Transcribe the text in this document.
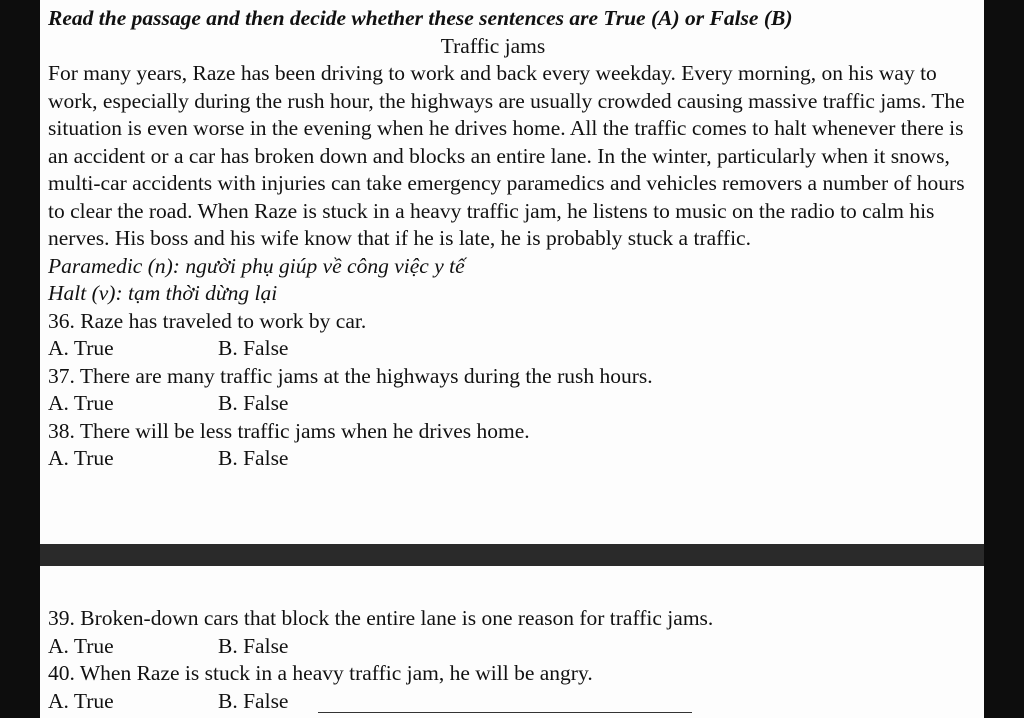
Read the passage and then decide whether these sentences are True (A) or False (B)

Traffic jams

For many years, Raze has been driving to work and back every weekday. Every morning, on his way to work, especially during the rush hour, the highways are usually crowded causing massive traffic jams. The situation is even worse in the evening when he drives home. All the traffic comes to halt whenever there is an accident or a car has broken down and blocks an entire lane. In the winter, particularly when it snows, multi-car accidents with injuries can take emergency paramedics and vehicles removers a number of hours to clear the road. When Raze is stuck in a heavy traffic jam, he listens to music on the radio to calm his nerves. His boss and his wife know that if he is late, he is probably stuck a traffic.

Paramedic (n): người phụ giúp về công việc y tế

Halt (v): tạm thời dừng lại

36. Raze has traveled to work by car.

A. True	B. False

37. There are many traffic jams at the highways during the rush hours.

A. True	B. False

38. There will be less traffic jams when he drives home.

A. True	B. False

39. Broken-down cars that block the entire lane is one reason for traffic jams.

A. True	B. False

40. When Raze is stuck in a heavy traffic jam, he will be angry.

A. True	B. False
